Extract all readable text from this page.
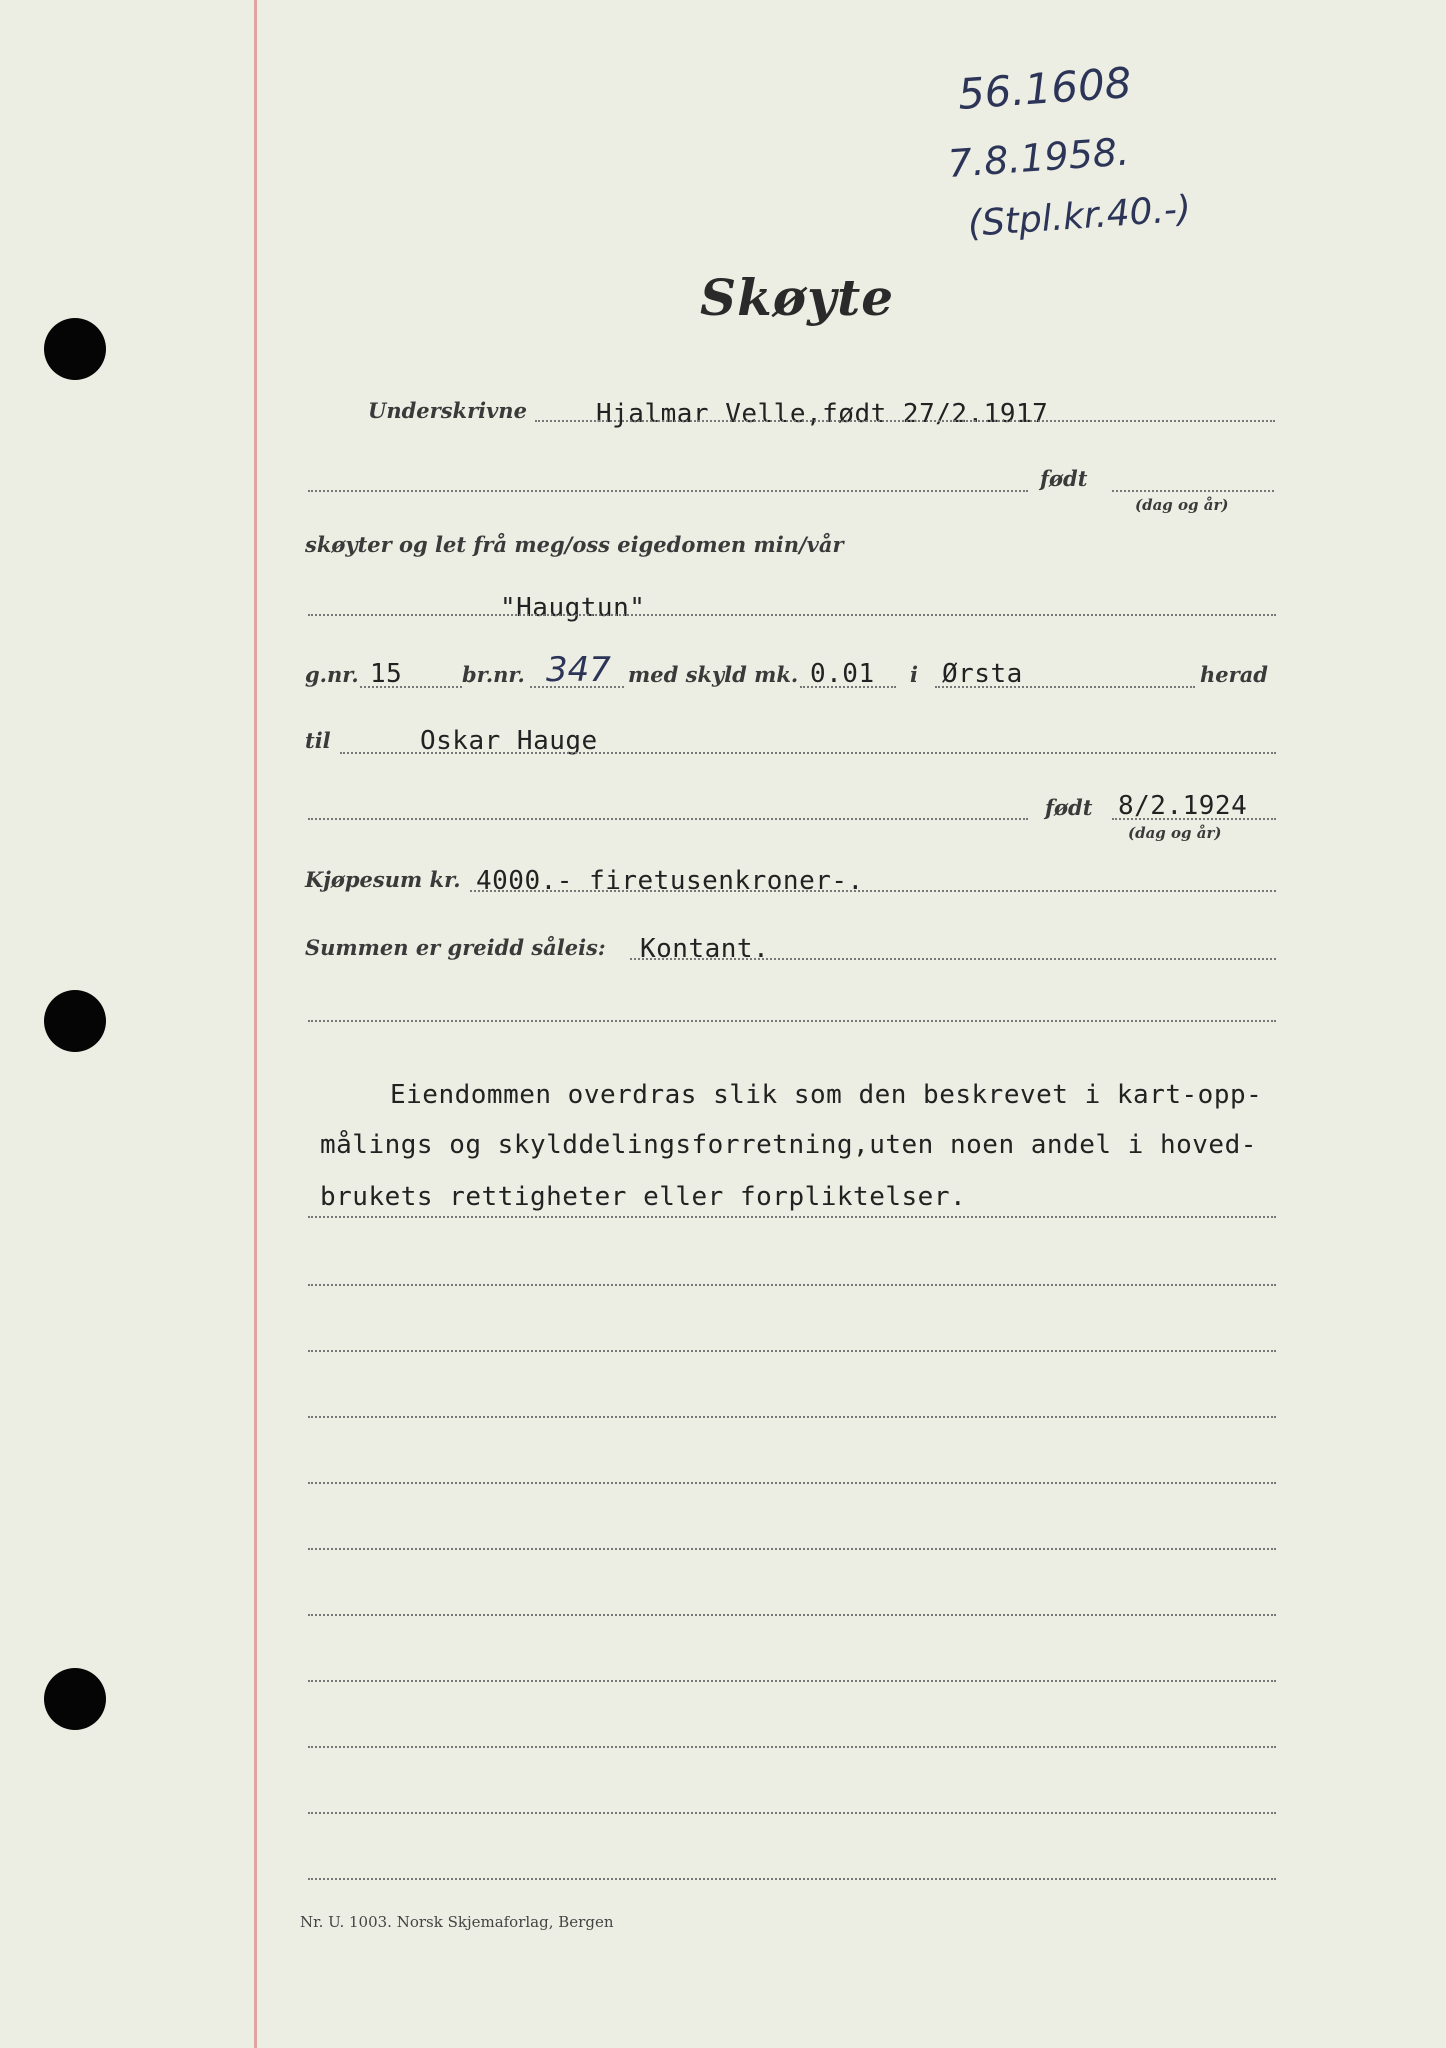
56.1608
7.8.1958.
(Stpl.kr.40.-)
Skøyte
Underskrivne	Hjalmar Velle,født 27/2.1917
født
(dag og år)
skøyter og let frå meg/oss eigedomen min/vår
"Haugtun"
g.nr. 15	br.nr. 347 med skyld mk. 0.01 i Ørsta	herad
til	Oskar Hauge
født 8/2.1924
(dag og år)
Kjøpesum kr. 4000.- firetusenkroner-.
Summen er greidd såleis: Kontant.
Eiendommen overdras slik som den beskrevet i kart-opp-
målings og skylddelingsforretning,uten noen andel i hoved-
brukets rettigheter eller forpliktelser.
Nr. U. 1003. Norsk Skjemaforlag, Bergen
